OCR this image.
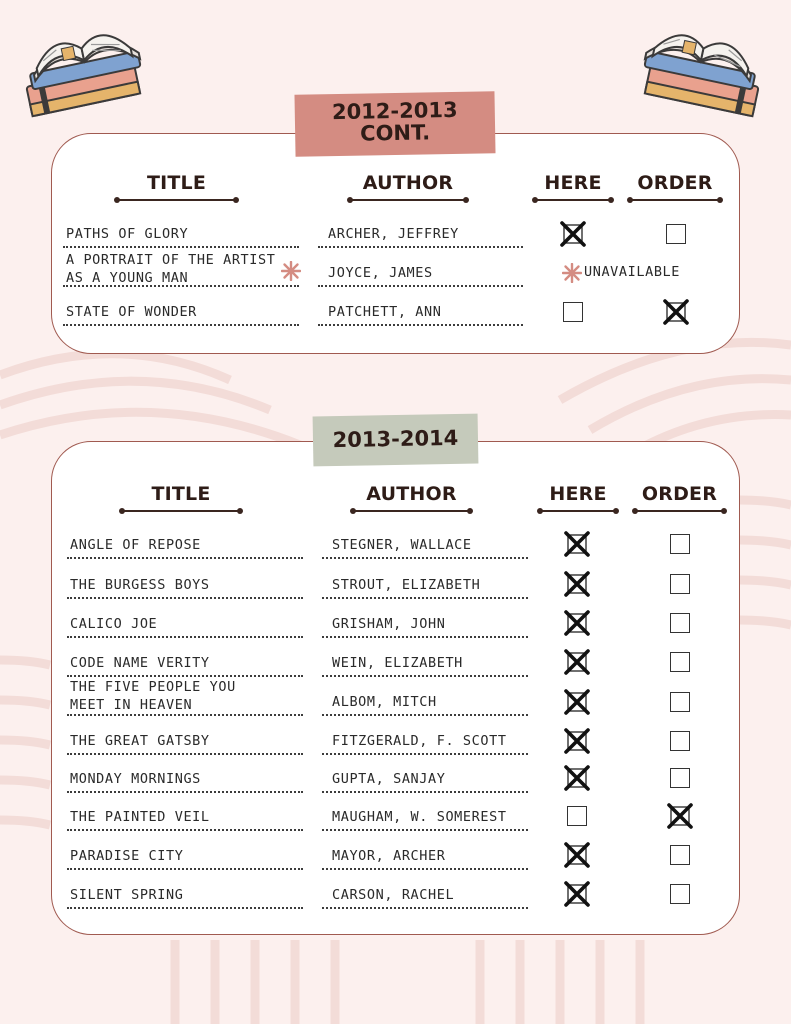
2012-2013
CONT.
2013-2014
TITLE	AUTHOR	HERE	ORDER
PATHS OF GLORY	ARCHER, JEFFREY
A PORTRAIT OF THE ARTIST
AS A YOUNG MAN	JOYCE, JAMES	UNAVAILABLE
STATE OF WONDER	PATCHETT, ANN
TITLE	AUTHOR	HERE	ORDER
ANGLE OF REPOSE	STEGNER, WALLACE
THE BURGESS BOYS	STROUT, ELIZABETH
CALICO JOE	GRISHAM, JOHN
CODE NAME VERITY	WEIN, ELIZABETH
THE FIVE PEOPLE YOU
MEET IN HEAVEN	ALBOM, MITCH
THE GREAT GATSBY	FITZGERALD, F. SCOTT
MONDAY MORNINGS	GUPTA, SANJAY
THE PAINTED VEIL	MAUGHAM, W. SOMEREST
PARADISE CITY	MAYOR, ARCHER
SILENT SPRING	CARSON, RACHEL
